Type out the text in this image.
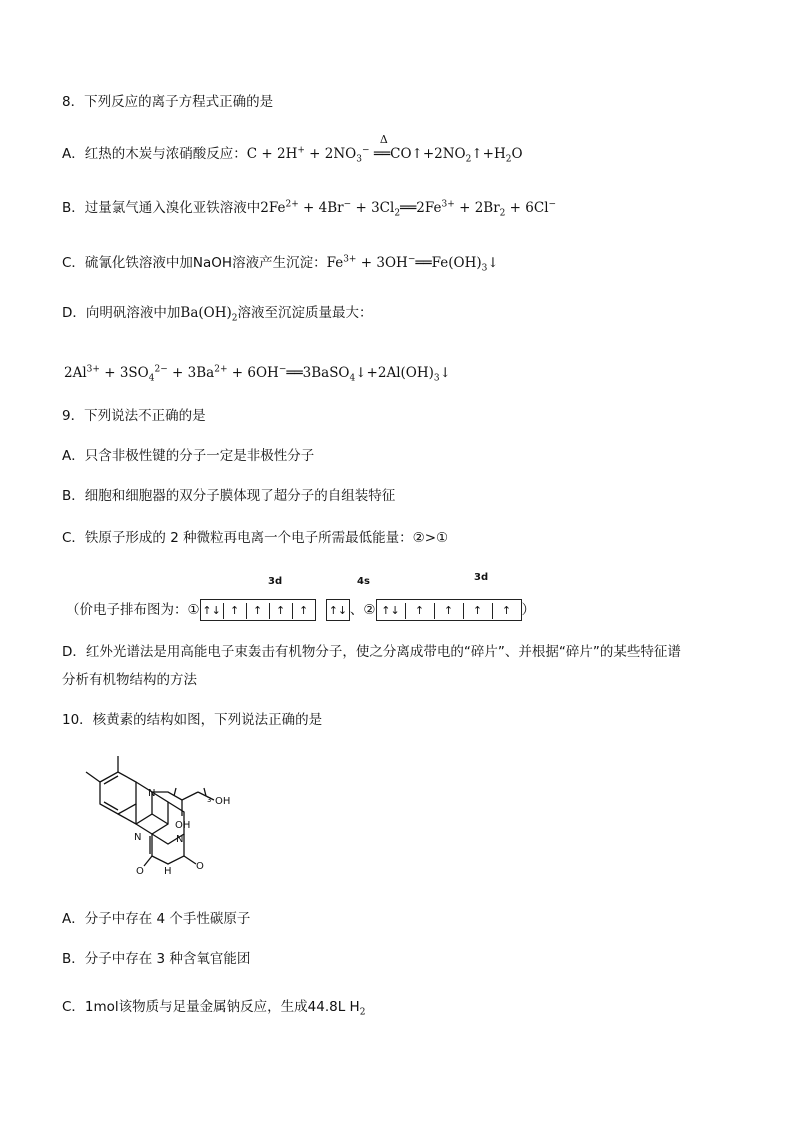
8．下列反应的离子方程式正确的是
A．红热的木炭与浓硝酸反应：$C + 2H^+ + 2NO_3^-$
Δ
$══CO↑+2NO_2↑+H_2O$
B．过量氯气通入溴化亚铁溶液中$2Fe^{2+} + 4Br^-$ + $3Cl_2══2Fe^{3+} + 2Br_2 + 6Cl^-$
C．硫氰化铁溶液中加NaOH溶液产生沉淀：$Fe^{3+}$ + $3OH^-══Fe(OH)_3↓$
D．向明矾溶液中加$Ba(OH)_2$溶液至沉淀质量最大：
$2Al^{3+} + 3SO_4^{2-} + 3Ba^{2+}$ + $6OH^-══3BaSO_4↓+2Al(OH)_3↓$
9．下列说法不正确的是
A．只含非极性键的分子一定是非极性分子
B．细胞和细胞器的双分子膜体现了超分子的自组装特征
C．铁原子形成的 2 种微粒再电离一个电子所需最低能量：②>①
3d	4s	3d
（价电子排布图为：① ↑↓ ↑ ↑ ↑ ↑ ↑↓ 、② ↑↓ ↑ ↑ ↑ ↑ ）
D．红外光谱法是用高能电子束轰击有机物分子，使之分离成带电的“碎片”、并根据“碎片”的某些特征谱
分析有机物结构的方法
10．核黄素的结构如图，下列说法正确的是
N
N	N
H
OH
OH
O	O
3
A．分子中存在 4 个手性碳原子
B．分子中存在 3 种含氧官能团
C．1mol该物质与足量金属钠反应，生成44.8L $H_2$
